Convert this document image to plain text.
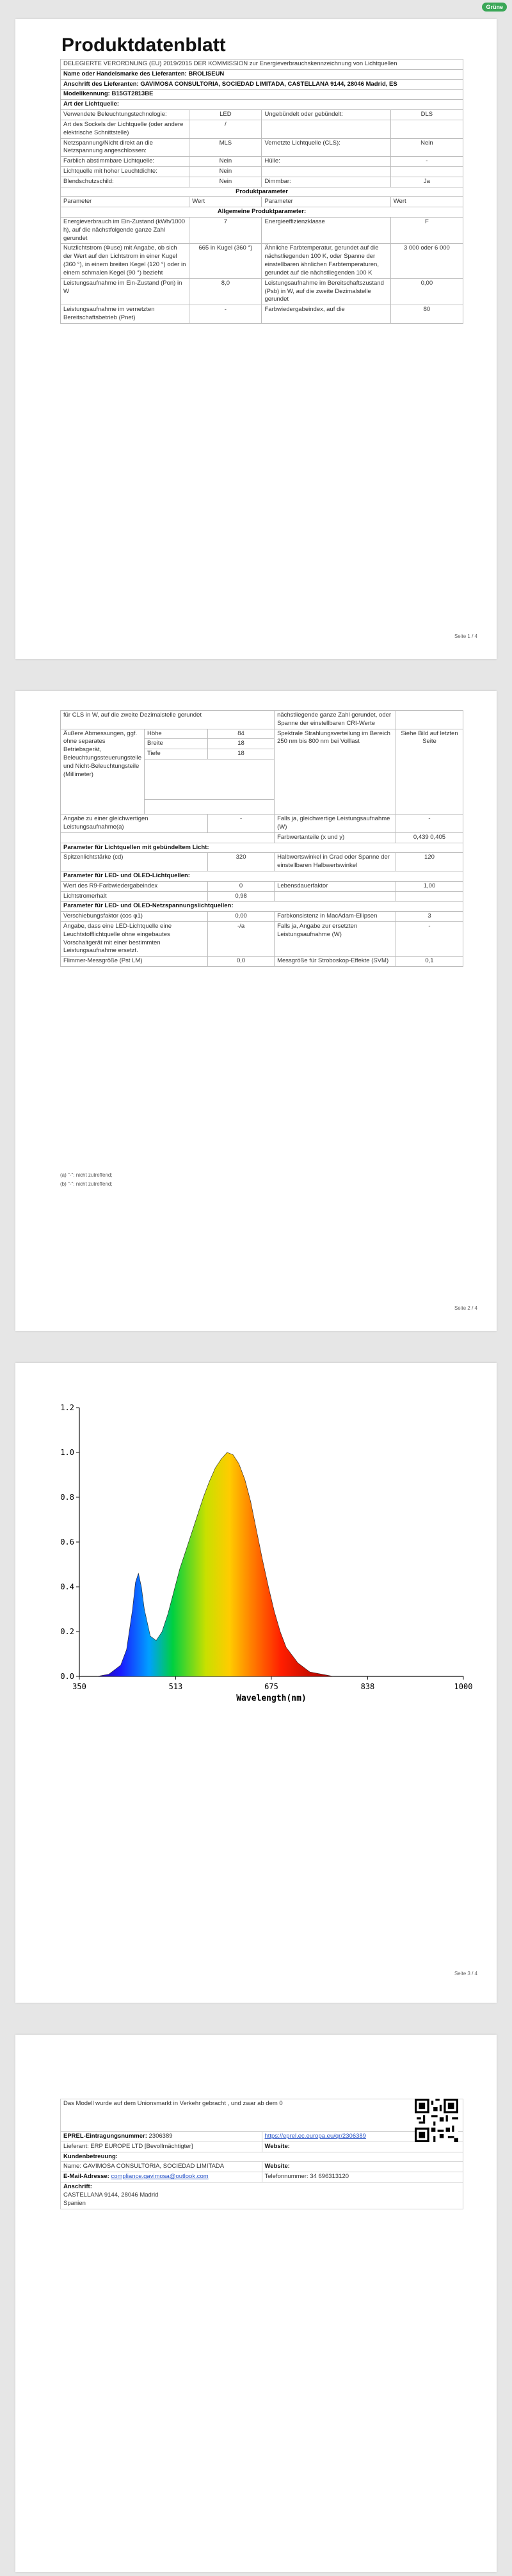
Grüne
Produktdatenblatt
DELEGIERTE VERORDNUNG (EU) 2019/2015 DER KOMMISSION zur Energieverbrauchskennzeichnung von Lichtquellen			
Name oder Handelsmarke des Lieferanten: BROLISEUN			
Anschrift des Lieferanten: GAVIMOSA CONSULTORIA, SOCIEDAD LIMITADA, CASTELLANA 9144, 28046 Madrid, ES			
Modellkennung: B15GT2813BE			
Art der Lichtquelle:			
Verwendete Beleuchtungstechnologie:	LED	Ungebündelt oder gebündelt:	DLS
Art des Sockels der Lichtquelle (oder andere elektrische Schnittstelle)	/		
Netzspannung/Nicht direkt an die Netzspannung angeschlossen:	MLS	Vernetzte Lichtquelle (CLS):	Nein
Farblich abstimmbare Lichtquelle:	Nein	Hülle:	-
Lichtquelle mit hoher Leuchtdichte:	Nein		
Blendschutzschild:	Nein	Dimmbar:	Ja
Produktparameter			
Parameter	Wert	Parameter	Wert
Allgemeine Produktparameter:			
Energieverbrauch im Ein-Zustand (kWh/1000 h), auf die nächstfolgende ganze Zahl gerundet	7	Energieeffizienzklasse	F
Nutzlichtstrom (Φuse) mit Angabe, ob sich der Wert auf den Lichtstrom in einer Kugel (360 °), in einem breiten Kegel (120 °) oder in einem schmalen Kegel (90 °) bezieht	665 in Kugel (360 °)	Ähnliche Farbtemperatur, gerundet auf die nächstliegenden 100 K, oder Spanne der einstellbaren ähnlichen Farbtemperaturen, gerundet auf die nächstliegenden 100 K	3 000 oder 6 000
Leistungsaufnahme im Ein-Zustand (Pon) in W	8,0	Leistungsaufnahme im Bereitschaftszustand (Psb) in W, auf die zweite Dezimalstelle gerundet	0,00
Leistungsaufnahme im vernetzten Bereitschaftsbetrieb (Pnet)	-	Farbwiedergabeindex, auf die	80
Seite 1 / 4
für CLS in W, auf die zweite Dezimalstelle gerundet			nächstliegende ganze Zahl gerundet, oder Spanne der einstellbaren CRI-Werte	
Äußere Abmessungen, ggf. ohne separates Betriebsgerät, Beleuchtungssteuerungsteile und Nicht-Beleuchtungsteile (Millimeter)	Höhe	84	Spektrale Strahlungsverteilung im Bereich 250 nm bis 800 nm bei Volllast	Siehe Bild auf letzten Seite
	Breite	18		
	Tiefe	18		

Angabe zu einer gleichwertigen Leistungsaufnahme(a)		-	Falls ja, gleichwertige Leistungsaufnahme (W)	-
			Farbwertanteile (x und y)	0,439 0,405
Parameter für Lichtquellen mit gebündeltem Licht:				
Spitzenlichtstärke (cd)		320	Halbwertswinkel in Grad oder Spanne der einstellbaren Halbwertswinkel	120
Parameter für LED- und OLED-Lichtquellen:				
Wert des R9-Farbwiedergabeindex		0	Lebensdauerfaktor	1,00
Lichtstromerhalt		0,98		
Parameter für LED- und OLED-Netzspannungslichtquellen:				
Verschiebungsfaktor (cos φ1)		0,00	Farbkonsistenz in MacAdam-Ellipsen	3
Angabe, dass eine LED-Lichtquelle eine Leuchtstofflichtquelle ohne eingebautes Vorschaltgerät mit einer bestimmten Leistungsaufnahme ersetzt.		-/a	Falls ja, Angabe zur ersetzten Leistungsaufnahme (W)	-
Flimmer-Messgröße (Pst LM)		0,0	Messgröße für Stroboskop-Effekte (SVM)	0,1
(a) "-": nicht zutreffend;
(b) "-": nicht zutreffend;
Seite 2 / 4
350	513	675	838	1000
0.0
0.2
0.4
0.6
0.8
1.0
1.2
Wavelength(nm)
Seite 3 / 4
Das Modell wurde auf dem Unionsmarkt in Verkehr gebracht , und zwar ab dem 0	
EPREL-Eintragungsnummer: 2306389	https://eprel.ec.europa.eu/qr/2306389
Lieferant: ERP EUROPE LTD [Bevollmächtigter]	Website:
Kundenbetreuung:	
Name: GAVIMOSA CONSULTORIA, SOCIEDAD LIMITADA	Website:
E-Mail-Adresse: compliance.gavimosa@outlook.com	Telefonnummer: 34 696313120

Anschrift:
CASTELLANA 9144, 28046 Madrid
Spanien	
